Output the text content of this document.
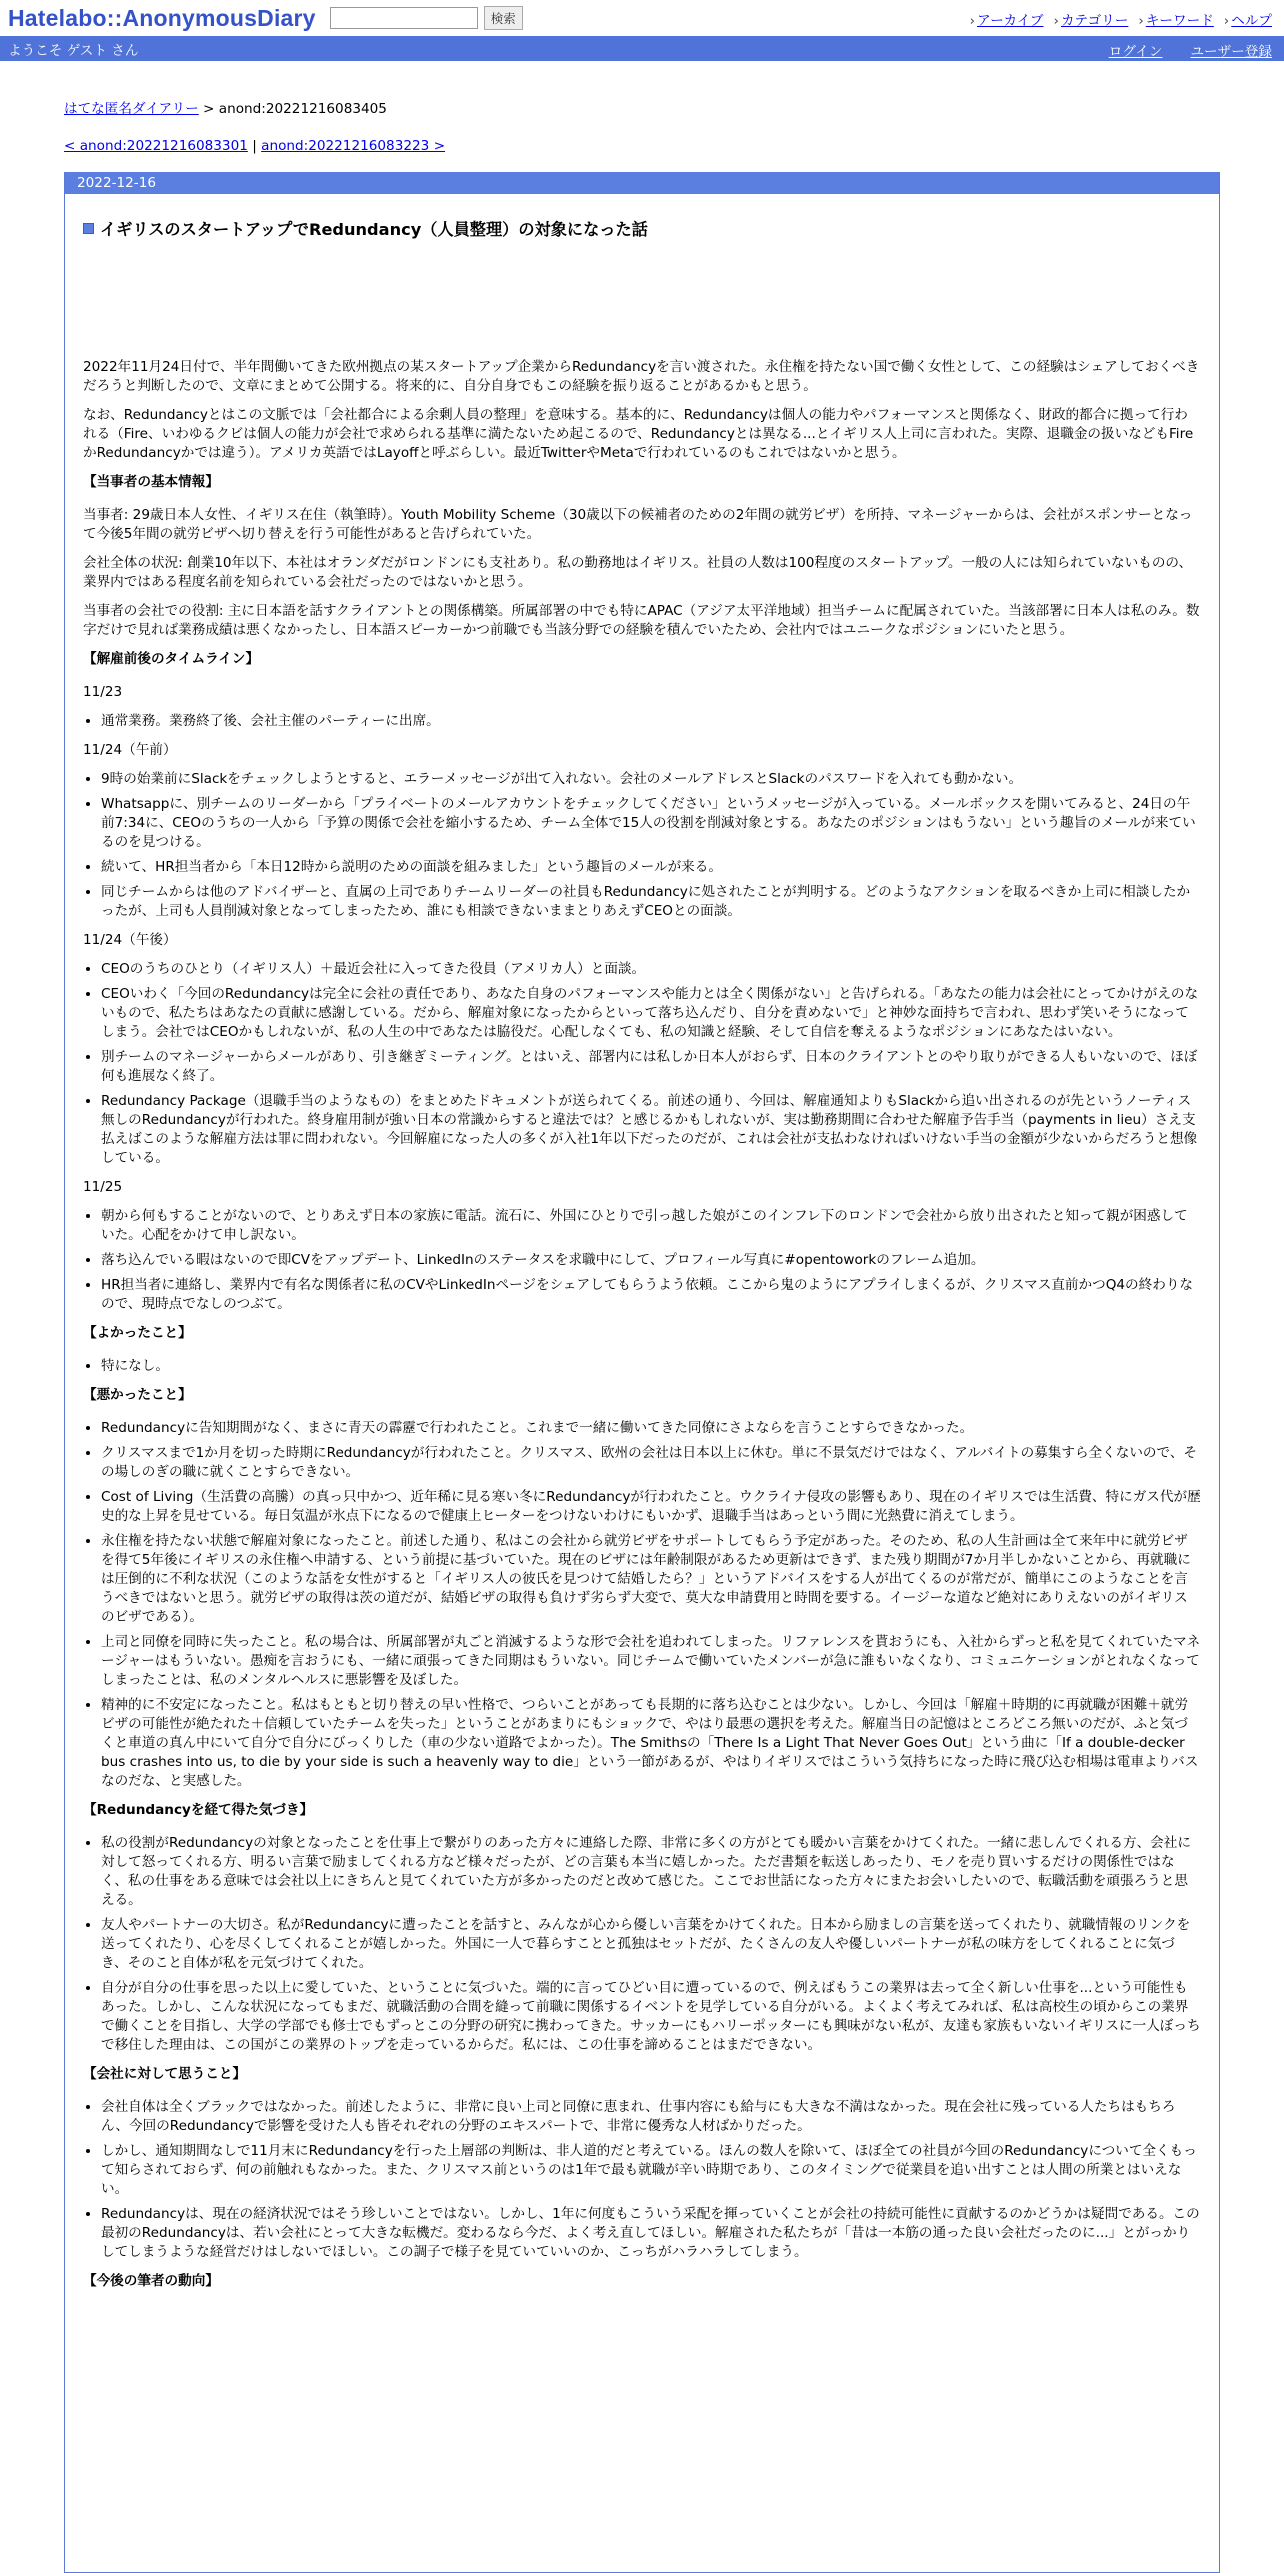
Hatelabo::AnonymousDiary	検索	› アーカイブ	› カテゴリー	› キーワード	› ヘルプ
ようこそ ゲスト さん	ログイン ユーザー登録
はてな匿名ダイアリー > anond:20221216083405
< anond:20221216083301 | anond:20221216083223 >
2022-12-16
イギリスのスタートアップでRedundancy（人員整理）の対象になった話

2022年11月24日付で、半年間働いてきた欧州拠点の某スタートアップ企業からRedundancyを言い渡された。永住権を持たない国で働く女性として、この経験はシェアしておくべきだろうと判断したので、文章にまとめて公開する。将来的に、自分自身でもこの経験を振り返ることがあるかもと思う。

なお、Redundancyとはこの文脈では「会社都合による余剰人員の整理」を意味する。基本的に、Redundancyは個人の能力やパフォーマンスと関係なく、財政的都合に拠って行われる（Fire、いわゆるクビは個人の能力が会社で求められる基準に満たないため起こるので、Redundancyとは異なる...とイギリス人上司に言われた。実際、退職金の扱いなどもFireかRedundancyかでは違う）。アメリカ英語ではLayoffと呼ぶらしい。最近TwitterやMetaで行われているのもこれではないかと思う。

【当事者の基本情報】

当事者: 29歳日本人女性、イギリス在住（執筆時）。Youth Mobility Scheme（30歳以下の候補者のための2年間の就労ビザ）を所持、マネージャーからは、会社がスポンサーとなって今後5年間の就労ビザへ切り替えを行う可能性があると告げられていた。

会社全体の状況: 創業10年以下、本社はオランダだがロンドンにも支社あり。私の勤務地はイギリス。社員の人数は100程度のスタートアップ。一般の人には知られていないものの、業界内ではある程度名前を知られている会社だったのではないかと思う。

当事者の会社での役割: 主に日本語を話すクライアントとの関係構築。所属部署の中でも特にAPAC（アジア太平洋地域）担当チームに配属されていた。当該部署に日本人は私のみ。数字だけで見れば業務成績は悪くなかったし、日本語スピーカーかつ前職でも当該分野での経験を積んでいたため、会社内ではユニークなポジションにいたと思う。

【解雇前後のタイムライン】
11/23
• 通常業務。業務終了後、会社主催のパーティーに出席。
11/24（午前）
• 9時の始業前にSlackをチェックしようとすると、エラーメッセージが出て入れない。会社のメールアドレスとSlackのパスワードを入れても動かない。
• Whatsappに、別チームのリーダーから「プライベートのメールアカウントをチェックしてください」というメッセージが入っている。メールボックスを開いてみると、24日の午前7:34に、CEOのうちの一人から「予算の関係で会社を縮小するため、チーム全体で15人の役割を削減対象とする。あなたのポジションはもうない」という趣旨のメールが来ているのを見つける。
• 続いて、HR担当者から「本日12時から説明のための面談を組みました」という趣旨のメールが来る。
• 同じチームからは他のアドバイザーと、直属の上司でありチームリーダーの社員もRedundancyに処されたことが判明する。どのようなアクションを取るべきか上司に相談したかったが、上司も人員削減対象となってしまったため、誰にも相談できないままとりあえずCEOとの面談。
11/24（午後）
• CEOのうちのひとり（イギリス人）＋最近会社に入ってきた役員（アメリカ人）と面談。
• CEOいわく「今回のRedundancyは完全に会社の責任であり、あなた自身のパフォーマンスや能力とは全く関係がない」と告げられる。「あなたの能力は会社にとってかけがえのないもので、私たちはあなたの貢献に感謝している。だから、解雇対象になったからといって落ち込んだり、自分を責めないで」と神妙な面持ちで言われ、思わず笑いそうになってしまう。会社ではCEOかもしれないが、私の人生の中であなたは脇役だ。心配しなくても、私の知識と経験、そして自信を奪えるようなポジションにあなたはいない。
• 別チームのマネージャーからメールがあり、引き継ぎミーティング。とはいえ、部署内には私しか日本人がおらず、日本のクライアントとのやり取りができる人もいないので、ほぼ何も進展なく終了。
• Redundancy Package（退職手当のようなもの）をまとめたドキュメントが送られてくる。前述の通り、今回は、解雇通知よりもSlackから追い出されるのが先というノーティス無しのRedundancyが行われた。終身雇用制が強い日本の常識からすると違法では？と感じるかもしれないが、実は勤務期間に合わせた解雇予告手当（payments in lieu）さえ支払えばこのような解雇方法は罪に問われない。今回解雇になった人の多くが入社1年以下だったのだが、これは会社が支払わなければいけない手当の金額が少ないからだろうと想像している。
11/25
• 朝から何もすることがないので、とりあえず日本の家族に電話。流石に、外国にひとりで引っ越した娘がこのインフレ下のロンドンで会社から放り出されたと知って親が困惑していた。心配をかけて申し訳ない。
• 落ち込んでいる暇はないので即CVをアップデート、LinkedInのステータスを求職中にして、プロフィール写真に#opentoworkのフレーム追加。
• HR担当者に連絡し、業界内で有名な関係者に私のCVやLinkedInページをシェアしてもらうよう依頼。ここから鬼のようにアプライしまくるが、クリスマス直前かつQ4の終わりなので、現時点でなしのつぶて。
【よかったこと】
• 特になし。
【悪かったこと】
• Redundancyに告知期間がなく、まさに青天の霹靂で行われたこと。これまで一緒に働いてきた同僚にさよならを言うことすらできなかった。
• クリスマスまで1か月を切った時期にRedundancyが行われたこと。クリスマス、欧州の会社は日本以上に休む。単に不景気だけではなく、アルバイトの募集すら全くないので、その場しのぎの職に就くことすらできない。
• Cost of Living（生活費の高騰）の真っ只中かつ、近年稀に見る寒い冬にRedundancyが行われたこと。ウクライナ侵攻の影響もあり、現在のイギリスでは生活費、特にガス代が歴史的な上昇を見せている。毎日気温が氷点下になるので健康上ヒーターをつけないわけにもいかず、退職手当はあっという間に光熱費に消えてしまう。
• 永住権を持たない状態で解雇対象になったこと。前述した通り、私はこの会社から就労ビザをサポートしてもらう予定があった。そのため、私の人生計画は全て来年中に就労ビザを得て5年後にイギリスの永住権へ申請する、という前提に基づいていた。現在のビザには年齢制限があるため更新はできず、また残り期間が7か月半しかないことから、再就職には圧倒的に不利な状況（このような話を女性がすると「イギリス人の彼氏を見つけて結婚したら？」というアドバイスをする人が出てくるのが常だが、簡単にこのようなことを言うべきではないと思う。就労ビザの取得は茨の道だが、結婚ビザの取得も負けず劣らず大変で、莫大な申請費用と時間を要する。イージーな道など絶対にありえないのがイギリスのビザである）。
• 上司と同僚を同時に失ったこと。私の場合は、所属部署が丸ごと消滅するような形で会社を追われてしまった。リファレンスを貰おうにも、入社からずっと私を見てくれていたマネージャーはもういない。愚痴を言おうにも、一緒に頑張ってきた同期はもういない。同じチームで働いていたメンバーが急に誰もいなくなり、コミュニケーションがとれなくなってしまったことは、私のメンタルヘルスに悪影響を及ぼした。
• 精神的に不安定になったこと。私はもともと切り替えの早い性格で、つらいことがあっても長期的に落ち込むことは少ない。しかし、今回は「解雇＋時期的に再就職が困難＋就労ビザの可能性が絶たれた＋信頼していたチームを失った」ということがあまりにもショックで、やはり最悪の選択を考えた。解雇当日の記憶はところどころ無いのだが、ふと気づくと車道の真ん中にいて自分で自分にびっくりした（車の少ない道路でよかった）。The Smithsの「There Is a Light That Never Goes Out」という曲に「If a double-decker bus crashes into us, to die by your side is such a heavenly way to die」という一節があるが、やはりイギリスではこういう気持ちになった時に飛び込む相場は電車よりバスなのだな、と実感した。
【Redundancyを経て得た気づき】
• 私の役割がRedundancyの対象となったことを仕事上で繋がりのあった方々に連絡した際、非常に多くの方がとても暖かい言葉をかけてくれた。一緒に悲しんでくれる方、会社に対して怒ってくれる方、明るい言葉で励ましてくれる方など様々だったが、どの言葉も本当に嬉しかった。ただ書類を転送しあったり、モノを売り買いするだけの関係性ではなく、私の仕事をある意味では会社以上にきちんと見てくれていた方が多かったのだと改めて感じた。ここでお世話になった方々にまたお会いしたいので、転職活動を頑張ろうと思える。
• 友人やパートナーの大切さ。私がRedundancyに遭ったことを話すと、みんなが心から優しい言葉をかけてくれた。日本から励ましの言葉を送ってくれたり、就職情報のリンクを送ってくれたり、心を尽くしてくれることが嬉しかった。外国に一人で暮らすことと孤独はセットだが、たくさんの友人や優しいパートナーが私の味方をしてくれることに気づき、そのこと自体が私を元気づけてくれた。
• 自分が自分の仕事を思った以上に愛していた、ということに気づいた。端的に言ってひどい目に遭っているので、例えばもうこの業界は去って全く新しい仕事を...という可能性もあった。しかし、こんな状況になってもまだ、就職活動の合間を縫って前職に関係するイベントを見学している自分がいる。よくよく考えてみれば、私は高校生の頃からこの業界で働くことを目指し、大学の学部でも修士でもずっとこの分野の研究に携わってきた。サッカーにもハリーポッターにも興味がない私が、友達も家族もいないイギリスに一人ぼっちで移住した理由は、この国がこの業界のトップを走っているからだ。私には、この仕事を諦めることはまだできない。
【会社に対して思うこと】
• 会社自体は全くブラックではなかった。前述したように、非常に良い上司と同僚に恵まれ、仕事内容にも給与にも大きな不満はなかった。現在会社に残っている人たちはもちろん、今回のRedundancyで影響を受けた人も皆それぞれの分野のエキスパートで、非常に優秀な人材ばかりだった。
• しかし、通知期間なしで11月末にRedundancyを行った上層部の判断は、非人道的だと考えている。ほんの数人を除いて、ほぼ全ての社員が今回のRedundancyについて全くもって知らされておらず、何の前触れもなかった。また、クリスマス前というのは1年で最も就職が辛い時期であり、このタイミングで従業員を追い出すことは人間の所業とはいえない。
• Redundancyは、現在の経済状況ではそう珍しいことではない。しかし、1年に何度もこういう采配を揮っていくことが会社の持続可能性に貢献するのかどうかは疑問である。この最初のRedundancyは、若い会社にとって大きな転機だ。変わるなら今だ、よく考え直してほしい。解雇された私たちが「昔は一本筋の通った良い会社だったのに...」とがっかりしてしまうような経営だけはしないでほしい。この調子で様子を見ていていいのか、こっちがハラハラしてしまう。
【今後の筆者の動向】
